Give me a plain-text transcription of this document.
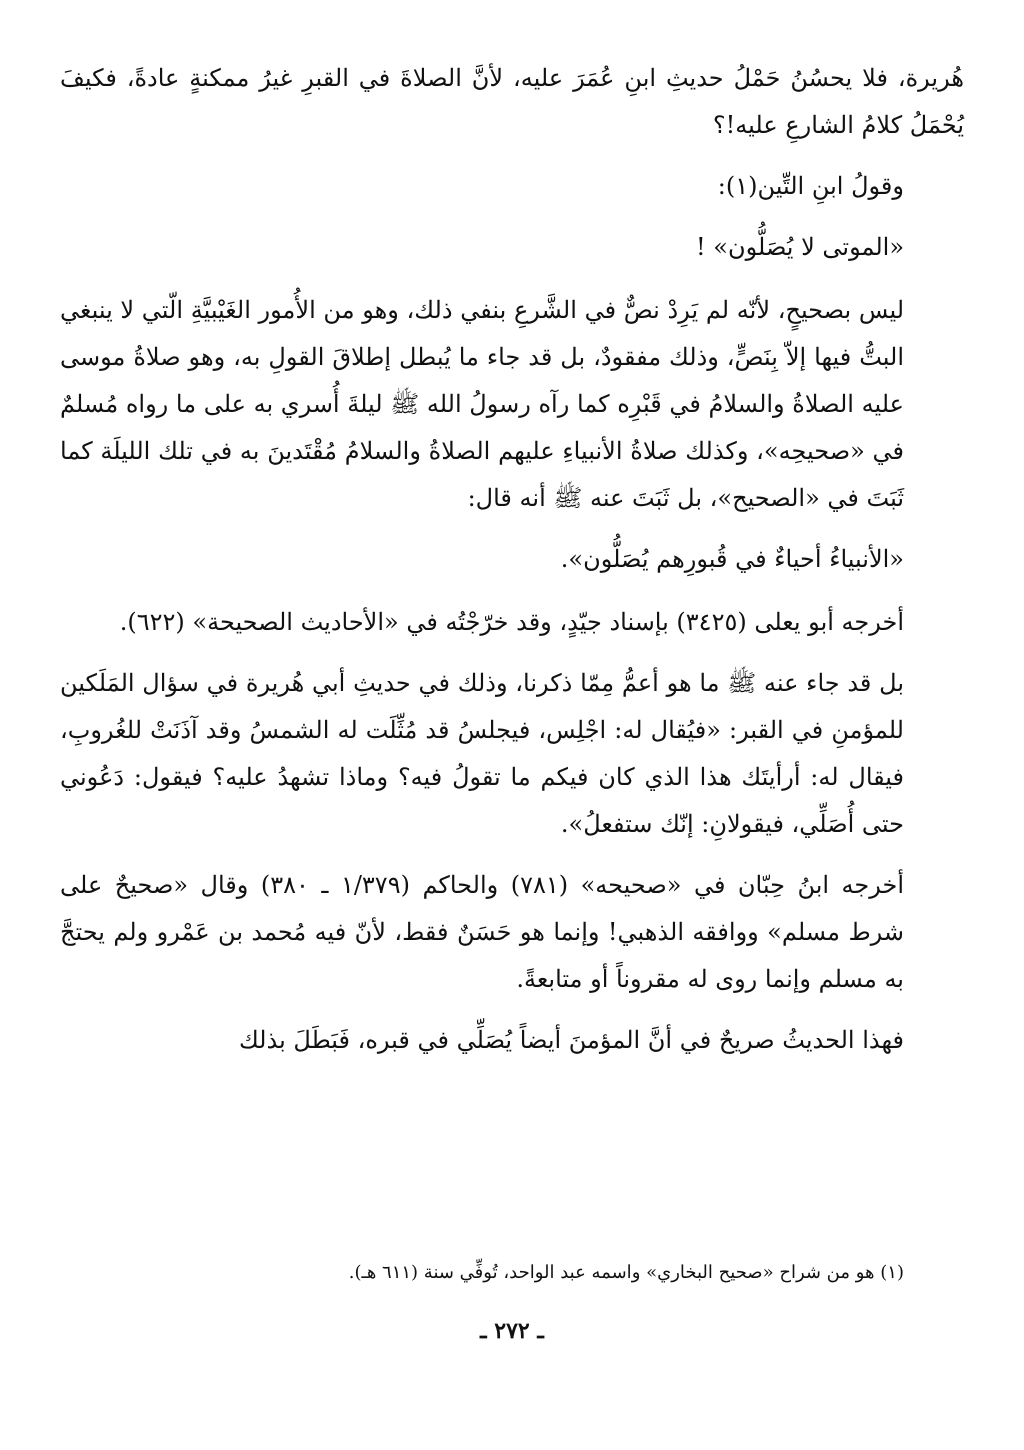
هُريرة، فلا يحسُنُ حَمْلُ حديثِ ابنِ عُمَرَ عليه، لأنَّ الصلاةَ في القبرِ غيرُ ممكنةٍ عادةً، فكيفَ يُحْمَلُ كلامُ الشارعِ عليه!؟

وقولُ ابنِ التِّين(١):

«الموتى لا يُصَلُّون» !

ليس بصحيحٍ، لأنّه لم يَرِدْ نصٌّ في الشَّرعِ بنفي ذلك، وهو من الأُمور الغَيْبيَّةِ الّتي لا ينبغي البتُّ فيها إلاّ بِنَصٍّ، وذلك مفقودٌ، بل قد جاء ما يُبطل إطلاقَ القولِ به، وهو صلاةُ موسى عليه الصلاةُ والسلامُ في قَبْرِه كما رآه رسولُ الله ﷺ ليلةَ أُسري به على ما رواه مُسلمٌ في «صحيحِه»، وكذلك صلاةُ الأنبياءِ عليهم الصلاةُ والسلامُ مُقْتَدينَ به في تلك الليلَة كما ثَبَتَ في «الصحيح»، بل ثَبَتَ عنه ﷺ أنه قال:

«الأنبياءُ أحياءٌ في قُبورِهم يُصَلُّون».

أخرجه أبو يعلى (٣٤٢٥) بإسناد جيّدٍ، وقد خرّجْتُه في «الأحاديث الصحيحة» (٦٢٢).

بل قد جاء عنه ﷺ ما هو أعمُّ مِمّا ذكرنا، وذلك في حديثِ أبي هُريرة في سؤال المَلَكين للمؤمنِ في القبر: «فيُقال له: اجْلِس، فيجلسُ قد مُثِّلَت له الشمسُ وقد آذَنَتْ للغُروبِ، فيقال له: أرأيتَك هذا الذي كان فيكم ما تقولُ فيه؟ وماذا تشهدُ عليه؟ فيقول: دَعُوني حتى أُصَلِّي، فيقولانِ: إنّك ستفعلُ».

أخرجه ابنُ حِبّان في «صحيحه» (٧٨١) والحاكم (١/٣٧٩ ـ ٣٨٠) وقال «صحيحٌ على شرط مسلم» ووافقه الذهبي! وإنما هو حَسَنٌ فقط، لأنّ فيه مُحمد بن عَمْرو ولم يحتجَّ به مسلم وإنما روى له مقروناً أو متابعةً.

فهذا الحديثُ صريحٌ في أنَّ المؤمنَ أيضاً يُصَلِّي في قبره، فَبَطَلَ بذلك

(١) هو من شراح «صحيح البخاري» واسمه عبد الواحد، تُوفِّي سنة (٦١١ هـ).

ـ ٢٧٢ ـ
